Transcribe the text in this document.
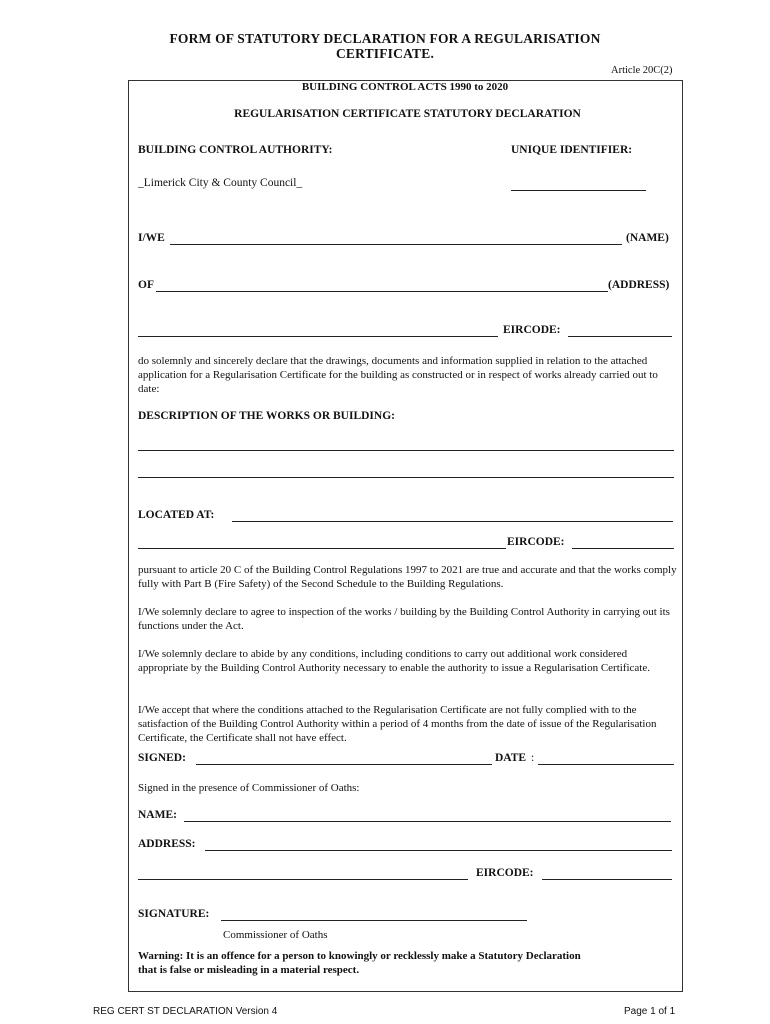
FORM OF STATUTORY DECLARATION FOR A REGULARISATION
CERTIFICATE.
Article 20C(2)
BUILDING CONTROL ACTS 1990 to 2020
REGULARISATION CERTIFICATE STATUTORY DECLARATION
BUILDING CONTROL AUTHORITY:	UNIQUE IDENTIFIER:
_Limerick City & County Council_
I/WE	(NAME)
OF	(ADDRESS)
EIRCODE:
do solemnly and sincerely declare that the drawings, documents and information supplied in relation to the attached application for a Regularisation Certificate for the building as constructed or in respect of works already carried out to date:
DESCRIPTION OF THE WORKS OR BUILDING:
LOCATED AT:
EIRCODE:
pursuant to article 20 C of the Building Control Regulations 1997 to 2021 are true and accurate and that the works comply fully with Part B (Fire Safety) of the Second Schedule to the Building Regulations.
I/We solemnly declare to agree to inspection of the works / building by the Building Control Authority in carrying out its functions under the Act.
I/We solemnly declare to abide by any conditions, including conditions to carry out additional work considered appropriate by the Building Control Authority necessary to enable the authority to issue a Regularisation Certificate.
I/We accept that where the conditions attached to the Regularisation Certificate are not fully complied with to the satisfaction of the Building Control Authority within a period of 4 months from the date of issue of the Regularisation Certificate, the Certificate shall not have effect.
SIGNED:	DATE :
Signed in the presence of Commissioner of Oaths:
NAME:
ADDRESS:
EIRCODE:
SIGNATURE:
Commissioner of Oaths
Warning: It is an offence for a person to knowingly or recklessly make a Statutory Declaration
that is false or misleading in a material respect.
REG CERT ST DECLARATION Version 4	Page 1 of 1
